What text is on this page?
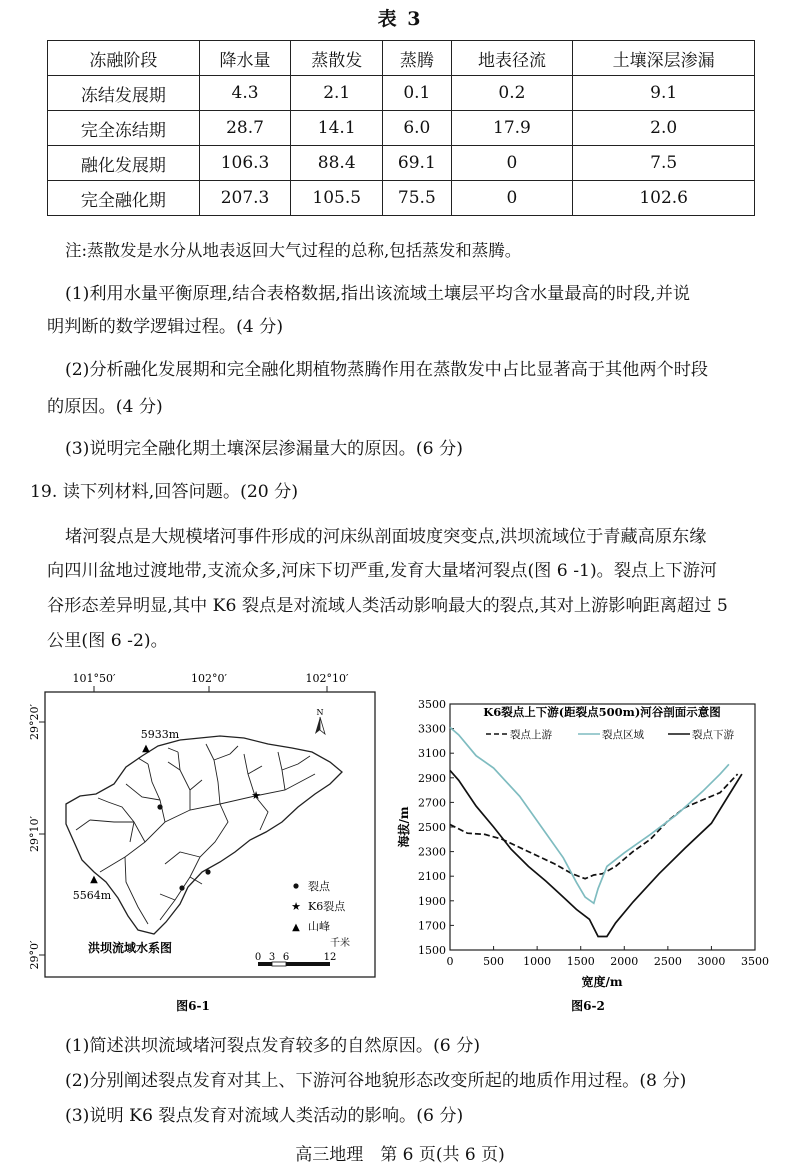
表 3
冻融阶段	降水量	蒸散发	蒸腾	地表径流	土壤深层渗漏
冻结发展期	4.3	2.1	0.1	0.2	9.1
完全冻结期	28.7	14.1	6.0	17.9	2.0
融化发展期	106.3	88.4	69.1	0	7.5
完全融化期	207.3	105.5	75.5	0	102.6
注:蒸散发是水分从地表返回大气过程的总称,包括蒸发和蒸腾。
(1)利用水量平衡原理,结合表格数据,指出该流域土壤层平均含水量最高的时段,并说
明判断的数学逻辑过程。(4 分)
(2)分析融化发展期和完全融化期植物蒸腾作用在蒸散发中占比显著高于其他两个时段
的原因。(4 分)
(3)说明完全融化期土壤深层渗漏量大的原因。(6 分)
19. 读下列材料,回答问题。(20 分)
堵河裂点是大规模堵河事件形成的河床纵剖面坡度突变点,洪坝流域位于青藏高原东缘
向四川盆地过渡地带,支流众多,河床下切严重,发育大量堵河裂点(图 6 -1)。裂点上下游河
谷形态差异明显,其中 K6 裂点是对流域人类活动影响最大的裂点,其对上游影响距离超过 5
公里(图 6 -2)。
101°50′	102°0′	102°10′
29°20′
29°10′
29°0′
N
★
▲
5933m
▲
5564m
裂点
★ K6裂点
▲ 山峰
洪坝流域水系图	千米
0 3 6	12
图6-1
1500
1700
1900
2100
2300
2500
2700
2900
3100
3300
3500
0	500 1000 1500 2000 2500 3000 3500
K6裂点上下游(距裂点500m)河谷剖面示意图
裂点上游	裂点区域	裂点下游
宽度/m
海拔/m
图6-2
(1)简述洪坝流域堵河裂点发育较多的自然原因。(6 分)
(2)分别阐述裂点发育对其上、下游河谷地貌形态改变所起的地质作用过程。(8 分)
(3)说明 K6 裂点发育对流域人类活动的影响。(6 分)
高三地理　第 6 页(共 6 页)
